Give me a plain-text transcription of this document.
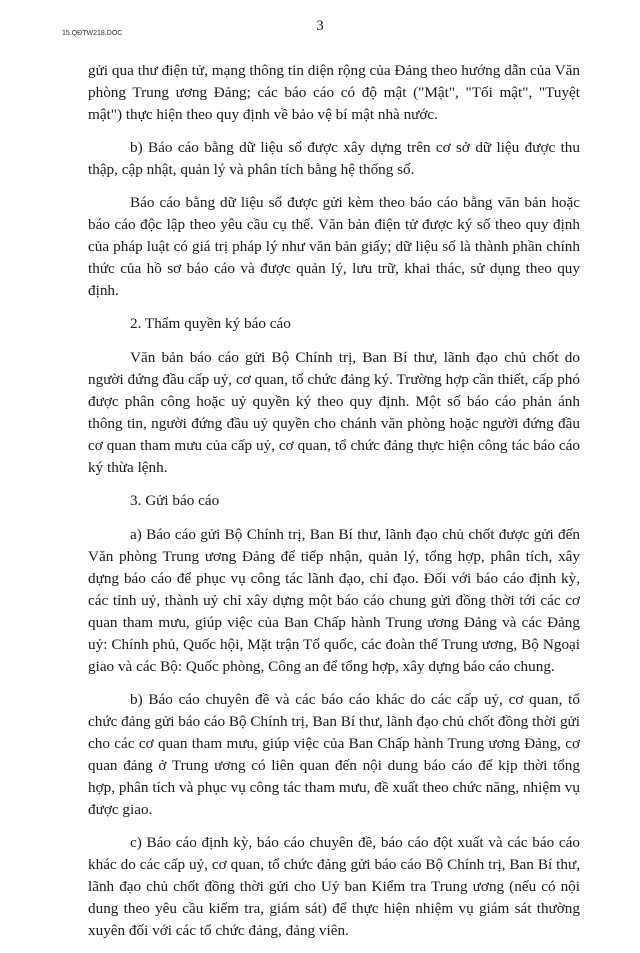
15.QĐTW218.DOC	3

gửi qua thư điện tử, mạng thông tin diện rộng của Đảng theo hướng dẫn của Văn phòng Trung ương Đảng; các báo cáo có độ mật ("Mật", "Tối mật", "Tuyệt mật") thực hiện theo quy định về bảo vệ bí mật nhà nước.

b) Báo cáo bằng dữ liệu số được xây dựng trên cơ sở dữ liệu được thu thập, cập nhật, quản lý và phân tích bằng hệ thống số.

Báo cáo bằng dữ liệu số được gửi kèm theo báo cáo bằng văn bản hoặc báo cáo độc lập theo yêu cầu cụ thể. Văn bản điện tử được ký số theo quy định của pháp luật có giá trị pháp lý như văn bản giấy; dữ liệu số là thành phần chính thức của hồ sơ báo cáo và được quản lý, lưu trữ, khai thác, sử dụng theo quy định.

2. Thẩm quyền ký báo cáo

Văn bản báo cáo gửi Bộ Chính trị, Ban Bí thư, lãnh đạo chủ chốt do người đứng đầu cấp uỷ, cơ quan, tổ chức đảng ký. Trường hợp cần thiết, cấp phó được phân công hoặc uỷ quyền ký theo quy định. Một số báo cáo phản ánh thông tin, người đứng đầu uỷ quyền cho chánh văn phòng hoặc người đứng đầu cơ quan tham mưu của cấp uỷ, cơ quan, tổ chức đảng thực hiện công tác báo cáo ký thừa lệnh.

3. Gửi báo cáo

a) Báo cáo gửi Bộ Chính trị, Ban Bí thư, lãnh đạo chủ chốt được gửi đến Văn phòng Trung ương Đảng để tiếp nhận, quản lý, tổng hợp, phân tích, xây dựng báo cáo để phục vụ công tác lãnh đạo, chỉ đạo. Đối với báo cáo định kỳ, các tỉnh uỷ, thành uỷ chỉ xây dựng một báo cáo chung gửi đồng thời tới các cơ quan tham mưu, giúp việc của Ban Chấp hành Trung ương Đảng và các Đảng uỷ: Chính phủ, Quốc hội, Mặt trận Tổ quốc, các đoàn thể Trung ương, Bộ Ngoại giao và các Bộ: Quốc phòng, Công an để tổng hợp, xây dựng báo cáo chung.

b) Báo cáo chuyên đề và các báo cáo khác do các cấp uỷ, cơ quan, tổ chức đảng gửi báo cáo Bộ Chính trị, Ban Bí thư, lãnh đạo chủ chốt đồng thời gửi cho các cơ quan tham mưu, giúp việc của Ban Chấp hành Trung ương Đảng, cơ quan đảng ở Trung ương có liên quan đến nội dung báo cáo để kịp thời tổng hợp, phân tích và phục vụ công tác tham mưu, đề xuất theo chức năng, nhiệm vụ được giao.

c) Báo cáo định kỳ, báo cáo chuyên đề, báo cáo đột xuất và các báo cáo khác do các cấp uỷ, cơ quan, tổ chức đảng gửi báo cáo Bộ Chính trị, Ban Bí thư, lãnh đạo chủ chốt đồng thời gửi cho Uỷ ban Kiểm tra Trung ương (nếu có nội dung theo yêu cầu kiểm tra, giám sát) để thực hiện nhiệm vụ giám sát thường xuyên đối với các tổ chức đảng, đảng viên.
